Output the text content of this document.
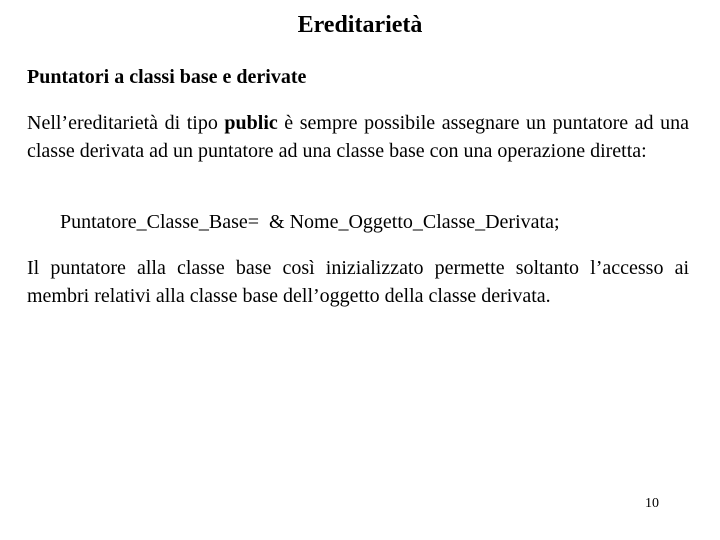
Ereditarietà
Puntatori a classi base e derivate
Nell’ereditarietà di tipo public è sempre possibile assegnare un puntatore ad una classe derivata ad un puntatore ad una classe base con una operazione diretta:
Puntatore_Classe_Base=  & Nome_Oggetto_Classe_Derivata;
Il puntatore alla classe base così inizializzato permette soltanto l’accesso ai membri relativi alla classe base dell’oggetto della classe derivata.
10
